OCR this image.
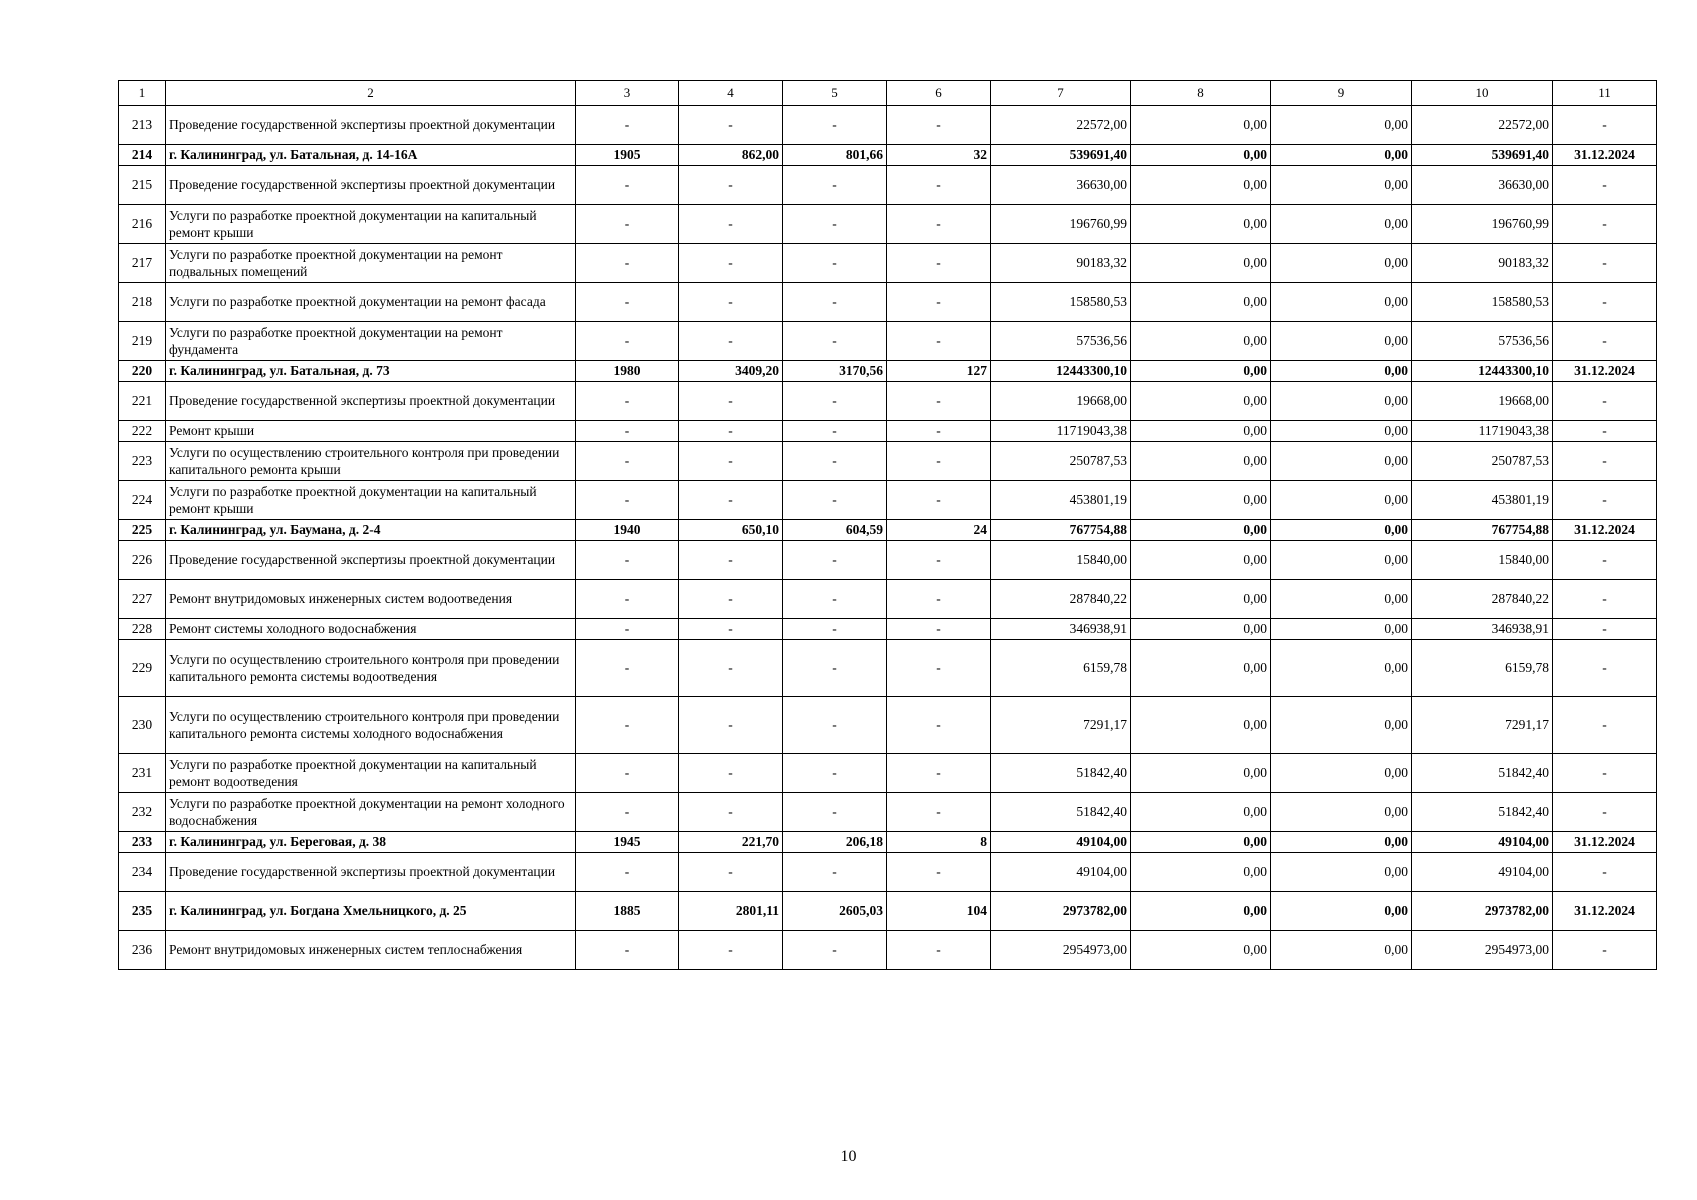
1	2	3	4	5	6	7	8	9	10	11
213	Проведение государственной экспертизы проектной документации	-	-	-	-	22572,00	0,00	0,00	22572,00	-
214	г. Калининград, ул. Батальная, д. 14-16А	1905	862,00	801,66	32	539691,40	0,00	0,00	539691,40	31.12.2024
215	Проведение государственной экспертизы проектной документации	-	-	-	-	36630,00	0,00	0,00	36630,00	-
216	Услуги по разработке проектной документации на капитальный ремонт крыши	-	-	-	-	196760,99	0,00	0,00	196760,99	-
217	Услуги по разработке проектной документации на ремонт подвальных помещений	-	-	-	-	90183,32	0,00	0,00	90183,32	-
218	Услуги по разработке проектной документации на ремонт фасада	-	-	-	-	158580,53	0,00	0,00	158580,53	-
219	Услуги по разработке проектной документации на ремонт фундамента	-	-	-	-	57536,56	0,00	0,00	57536,56	-
220	г. Калининград, ул. Батальная, д. 73	1980	3409,20	3170,56	127	12443300,10	0,00	0,00	12443300,10	31.12.2024
221	Проведение государственной экспертизы проектной документации	-	-	-	-	19668,00	0,00	0,00	19668,00	-
222	Ремонт крыши	-	-	-	-	11719043,38	0,00	0,00	11719043,38	-
223	Услуги по осуществлению строительного контроля при проведении капитального ремонта крыши	-	-	-	-	250787,53	0,00	0,00	250787,53	-
224	Услуги по разработке проектной документации на капитальный ремонт крыши	-	-	-	-	453801,19	0,00	0,00	453801,19	-
225	г. Калининград, ул. Баумана, д. 2-4	1940	650,10	604,59	24	767754,88	0,00	0,00	767754,88	31.12.2024
226	Проведение государственной экспертизы проектной документации	-	-	-	-	15840,00	0,00	0,00	15840,00	-
227	Ремонт внутридомовых инженерных систем водоотведения	-	-	-	-	287840,22	0,00	0,00	287840,22	-
228	Ремонт системы холодного водоснабжения	-	-	-	-	346938,91	0,00	0,00	346938,91	-
229	Услуги по осуществлению строительного контроля при проведении капитального ремонта системы водоотведения	-	-	-	-	6159,78	0,00	0,00	6159,78	-
230	Услуги по осуществлению строительного контроля при проведении капитального ремонта системы холодного водоснабжения	-	-	-	-	7291,17	0,00	0,00	7291,17	-
231	Услуги по разработке проектной документации на капитальный ремонт водоотведения	-	-	-	-	51842,40	0,00	0,00	51842,40	-
232	Услуги по разработке проектной документации на ремонт холодного водоснабжения	-	-	-	-	51842,40	0,00	0,00	51842,40	-
233	г. Калининград, ул. Береговая, д. 38	1945	221,70	206,18	8	49104,00	0,00	0,00	49104,00	31.12.2024
234	Проведение государственной экспертизы проектной документации	-	-	-	-	49104,00	0,00	0,00	49104,00	-
235	г. Калининград, ул. Богдана Хмельницкого, д. 25	1885	2801,11	2605,03	104	2973782,00	0,00	0,00	2973782,00	31.12.2024
236	Ремонт внутридомовых инженерных систем теплоснабжения	-	-	-	-	2954973,00	0,00	0,00	2954973,00	-
10
